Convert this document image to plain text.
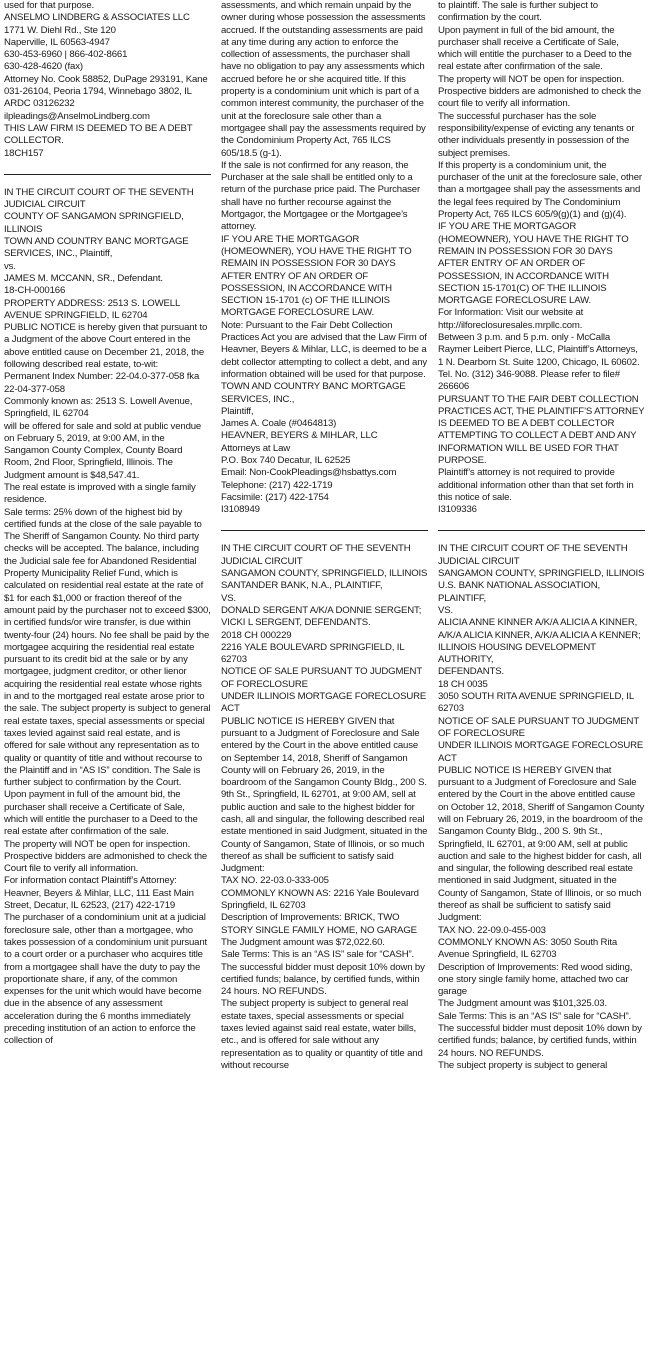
used for that purpose.

ANSELMO LINDBERG & ASSOCIATES LLC

1771 W. Diehl Rd., Ste 120

Naperville, IL 60563-4947

630-453-6960 | 866-402-8661

630-428-4620 (fax)

Attorney No. Cook 58852, DuPage 293191, Kane 031-26104, Peoria 1794, Winnebago 3802, IL ARDC 03126232

ilpleadings@AnselmoLindberg.com

THIS LAW FIRM IS DEEMED TO BE A DEBT COLLECTOR.

18CH157

IN THE CIRCUIT COURT OF THE SEVENTH JUDICIAL CIRCUIT

COUNTY OF SANGAMON SPRINGFIELD, ILLINOIS

TOWN AND COUNTRY BANC MORTGAGE SERVICES, INC., Plaintiff,

vs.

JAMES M. MCCANN, SR., Defendant.

18-CH-000166

PROPERTY ADDRESS: 2513 S. LOWELL AVENUE SPRINGFIELD, IL 62704

PUBLIC NOTICE is hereby given that pursuant to a Judgment of the above Court entered in the above entitled cause on December 21, 2018, the following described real estate, to-wit:

Permanent Index Number: 22-04.0-377-058 fka 22-04-377-058

Commonly known as: 2513 S. Lowell Avenue, Springfield, IL 62704

will be offered for sale and sold at public vendue on February 5, 2019, at 9:00 AM, in the Sangamon County Complex, County Board Room, 2nd Floor, Springfield, Illinois. The Judgment amount is $48,547.41.

The real estate is improved with a single family residence.

Sale terms: 25% down of the highest bid by certified funds at the close of the sale payable to The Sheriff of Sangamon County. No third party checks will be accepted. The balance, including the Judicial sale fee for Abandoned Residential Property Municipality Relief Fund, which is calculated on residential real estate at the rate of $1 for each $1,000 or fraction thereof of the amount paid by the purchaser not to exceed $300, in certified funds/or wire transfer, is due within twenty-four (24) hours. No fee shall be paid by the mortgagee acquiring the residential real estate pursuant to its credit bid at the sale or by any mortgagee, judgment creditor, or other lienor acquiring the residential real estate whose rights in and to the mortgaged real estate arose prior to the sale. The subject property is subject to general real estate taxes, special assessments or special taxes levied against said real estate, and is offered for sale without any representation as to quality or quantity of title and without recourse to the Plaintiff and in “AS IS” condition. The Sale is further subject to confirmation by the Court.

Upon payment in full of the amount bid, the purchaser shall receive a Certificate of Sale, which will entitle the purchaser to a Deed to the real estate after confirmation of the sale.

The property will NOT be open for inspection. Prospective bidders are admonished to check the Court file to verify all information.

For information contact Plaintiff’s Attorney: Heavner, Beyers & Mihlar, LLC, 111 East Main Street, Decatur, IL 62523, (217) 422-1719

The purchaser of a condominium unit at a judicial foreclosure sale, other than a mortgagee, who takes possession of a condominium unit pursuant to a court order or a purchaser who acquires title from a mortgagee shall have the duty to pay the proportionate share, if any, of the common expenses for the unit which would have become due in the absence of any assessment acceleration during the 6 months immediately preceding institution of an action to enforce the collection of

assessments, and which remain unpaid by the owner during whose possession the assessments accrued. If the outstanding assessments are paid at any time during any action to enforce the collection of assessments, the purchaser shall have no obligation to pay any assessments which accrued before he or she acquired title. If this property is a condominium unit which is part of a common interest community, the purchaser of the unit at the foreclosure sale other than a mortgagee shall pay the assessments required by the Condominium Property Act, 765 ILCS 605/18.5 (g-1).

If the sale is not confirmed for any reason, the Purchaser at the sale shall be entitled only to a return of the purchase price paid. The Purchaser shall have no further recourse against the Mortgagor, the Mortgagee or the Mortgagee’s attorney.

IF YOU ARE THE MORTGAGOR (HOMEOWNER), YOU HAVE THE RIGHT TO REMAIN IN POSSESSION FOR 30 DAYS AFTER ENTRY OF AN ORDER OF POSSESSION, IN ACCORDANCE WITH SECTION 15-1701 (c) OF THE ILLINOIS MORTGAGE FORECLOSURE LAW.

Note: Pursuant to the Fair Debt Collection Practices Act you are advised that the Law Firm of Heavner, Beyers & Mihlar, LLC, is deemed to be a debt collector attempting to collect a debt, and any information obtained will be used for that purpose.

TOWN AND COUNTRY BANC MORTGAGE SERVICES, INC.,

Plaintiff,

James A. Coale (#0464813)

HEAVNER, BEYERS & MIHLAR, LLC

Attorneys at Law

P.O. Box 740 Decatur, IL 62525

Email: Non-CookPleadings@hsbattys.com

Telephone: (217) 422-1719

Facsimile: (217) 422-1754

I3108949

IN THE CIRCUIT COURT OF THE SEVENTH JUDICIAL CIRCUIT

SANGAMON COUNTY, SPRINGFIELD, ILLINOIS

SANTANDER BANK, N.A., PLAINTIFF,

VS.

DONALD SERGENT A/K/A DONNIE SERGENT; VICKI L SERGENT, DEFENDANTS.

2018 CH 000229

2216 YALE BOULEVARD SPRINGFIELD, IL 62703

NOTICE OF SALE PURSUANT TO JUDGMENT OF FORECLOSURE

UNDER ILLINOIS MORTGAGE FORECLOSURE ACT

PUBLIC NOTICE IS HEREBY GIVEN that pursuant to a Judgment of Foreclosure and Sale entered by the Court in the above entitled cause on September 14, 2018, Sheriff of Sangamon County will on February 26, 2019, in the boardroom of the Sangamon County Bldg., 200 S. 9th St., Springfield, IL 62701, at 9:00 AM, sell at public auction and sale to the highest bidder for cash, all and singular, the following described real estate mentioned in said Judgment, situated in the County of Sangamon, State of Illinois, or so much thereof as shall be sufficient to satisfy said Judgment:

TAX NO. 22-03.0-333-005

COMMONLY KNOWN AS: 2216 Yale Boulevard

Springfield, IL 62703

Description of Improvements: BRICK, TWO STORY SINGLE FAMILY HOME, NO GARAGE

The Judgment amount was $72,022.60.

Sale Terms: This is an “AS IS” sale for “CASH”. The successful bidder must deposit 10% down by certified funds; balance, by certified funds, within 24 hours. NO REFUNDS.

The subject property is subject to general real estate taxes, special assessments or special taxes levied against said real estate, water bills, etc., and is offered for sale without any representation as to quality or quantity of title and without recourse

to plaintiff. The sale is further subject to confirmation by the court.

Upon payment in full of the bid amount, the purchaser shall receive a Certificate of Sale, which will entitle the purchaser to a Deed to the real estate after confirmation of the sale.

The property will NOT be open for inspection. Prospective bidders are admonished to check the court file to verify all information.

The successful purchaser has the sole responsibility/expense of evicting any tenants or other individuals presently in possession of the subject premises.

If this property is a condominium unit, the purchaser of the unit at the foreclosure sale, other than a mortgagee shall pay the assessments and the legal fees required by The Condominium Property Act, 765 ILCS 605/9(g)(1) and (g)(4).

IF YOU ARE THE MORTGAGOR (HOMEOWNER), YOU HAVE THE RIGHT TO REMAIN IN POSSESSION FOR 30 DAYS AFTER ENTRY OF AN ORDER OF POSSESSION, IN ACCORDANCE WITH SECTION 15-1701(C) OF THE ILLINOIS MORTGAGE FORECLOSURE LAW.

For Information: Visit our website at http://ilforeclosuresales.mrpllc.com.

Between 3 p.m. and 5 p.m. only - McCalla Raymer Leibert Pierce, LLC, Plaintiff’s Attorneys, 1 N. Dearborn St. Suite 1200, Chicago, IL 60602. Tel. No. (312) 346-9088. Please refer to file# 266606

PURSUANT TO THE FAIR DEBT COLLECTION PRACTICES ACT, THE PLAINTIFF’S ATTORNEY IS DEEMED TO BE A DEBT COLLECTOR ATTEMPTING TO COLLECT A DEBT AND ANY INFORMATION WILL BE USED FOR THAT PURPOSE.

Plaintiff’s attorney is not required to provide additional information other than that set forth in this notice of sale.

I3109336

IN THE CIRCUIT COURT OF THE SEVENTH JUDICIAL CIRCUIT

SANGAMON COUNTY, SPRINGFIELD, ILLINOIS

U.S. BANK NATIONAL ASSOCIATION, PLAINTIFF,

VS.

ALICIA ANNE KINNER A/K/A ALICIA A KINNER, A/K/A ALICIA KINNER, A/K/A ALICIA A KENNER; ILLINOIS HOUSING DEVELOPMENT AUTHORITY,

DEFENDANTS.

18 CH 0035

3050 SOUTH RITA AVENUE SPRINGFIELD, IL 62703

NOTICE OF SALE PURSUANT TO JUDGMENT OF FORECLOSURE

UNDER ILLINOIS MORTGAGE FORECLOSURE ACT

PUBLIC NOTICE IS HEREBY GIVEN that pursuant to a Judgment of Foreclosure and Sale entered by the Court in the above entitled cause on October 12, 2018, Sheriff of Sangamon County will on February 26, 2019, in the boardroom of the Sangamon County Bldg., 200 S. 9th St., Springfield, IL 62701, at 9:00 AM, sell at public auction and sale to the highest bidder for cash, all and singular, the following described real estate mentioned in said Judgment, situated in the County of Sangamon, State of Illinois, or so much thereof as shall be sufficient to satisfy said Judgment:

TAX NO. 22-09.0-455-003

COMMONLY KNOWN AS: 3050 South Rita Avenue Springfield, IL 62703

Description of Improvements: Red wood siding, one story single family home, attached two car garage

The Judgment amount was $101,325.03.

Sale Terms: This is an “AS IS” sale for “CASH”. The successful bidder must deposit 10% down by certified funds; balance, by certified funds, within 24 hours. NO REFUNDS.

The subject property is subject to general
